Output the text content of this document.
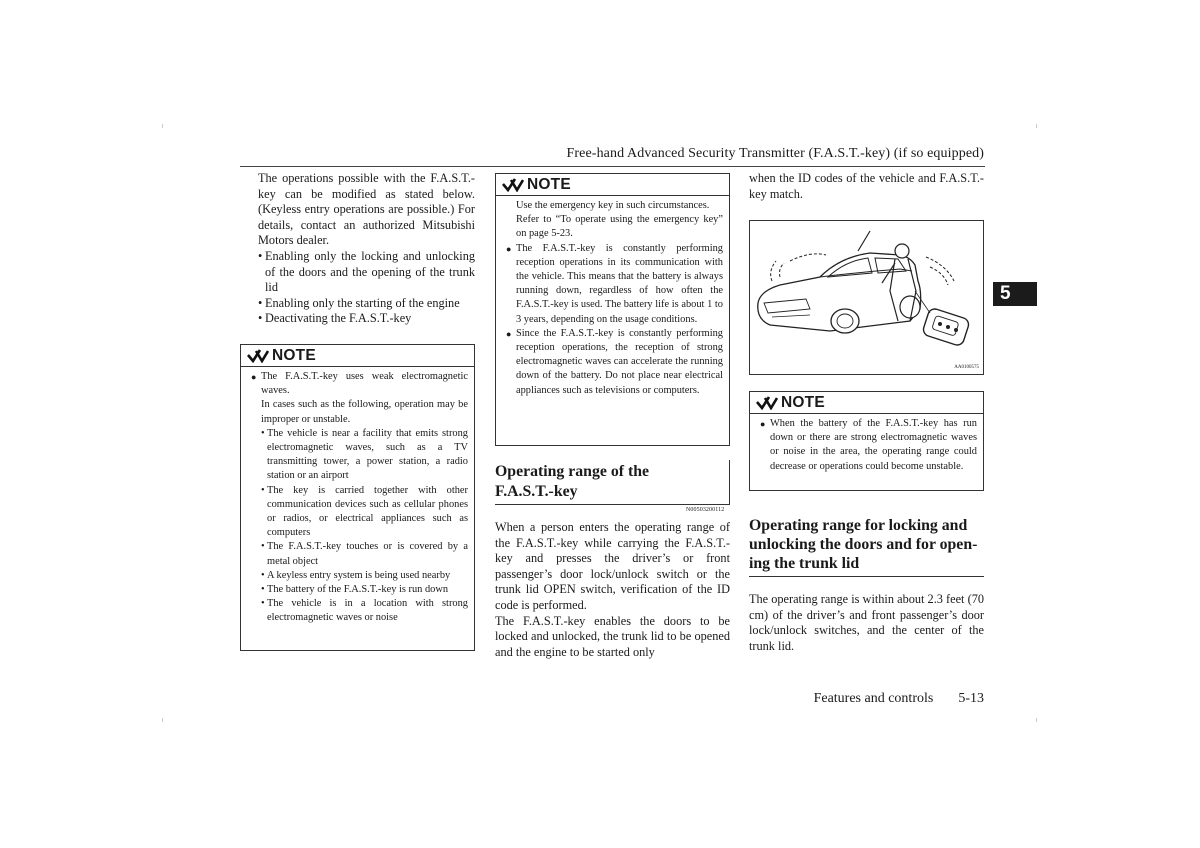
Free-hand Advanced Security Transmitter (F.A.S.T.-key) (if so equipped)
5

The operations possible with the F.A.S.T.-key can be modified as stated below. (Keyless entry operations are possible.) For details, contact an authorized Mitsubishi Motors dealer.

• Enabling only the locking and unlocking of the doors and the opening of the trunk lid
• Enabling only the starting of the engine
• Deactivating the F.A.S.T.-key
NOTE
● The F.A.S.T.-key uses weak electromagnetic waves.
In cases such as the following, operation may be improper or unstable.
• The vehicle is near a facility that emits strong electromagnetic waves, such as a TV transmitting tower, a power station, a radio station or an airport
• The key is carried together with other communication devices such as cellular phones or radios, or electrical appliances such as computers
• The F.A.S.T.-key touches or is covered by a metal object
• A keyless entry system is being used nearby
• The battery of the F.A.S.T.-key is run down
• The vehicle is in a location with strong electromagnetic waves or noise
NOTE
Use the emergency key in such circumstances.
Refer to “To operate using the emergency key” on page 5-23.
● The F.A.S.T.-key is constantly performing reception operations in its communication with the vehicle. This means that the battery is always running down, regardless of how often the F.A.S.T.-key is used. The battery life is about 1 to 3 years, depending on the usage conditions.
● Since the F.A.S.T.-key is constantly performing reception operations, the reception of strong electromagnetic waves can accelerate the running down of the battery. Do not place near electrical appliances such as televisions or computers.
Operating range of the
F.A.S.T.-key
N00503200112

When a person enters the operating range of the F.A.S.T.-key while carrying the F.A.S.T.-key and presses the driver’s or front passenger’s door lock/unlock switch or the trunk lid OPEN switch, verification of the ID code is performed.

The F.A.S.T.-key enables the doors to be locked and unlocked, the trunk lid to be opened and the engine to be started only

when the ID codes of the vehicle and F.A.S.T.-key match.

AA0100575
NOTE
● When the battery of the F.A.S.T.-key has run down or there are strong electromagnetic waves or noise in the area, the operating range could decrease or operations could become unstable.
Operating range for locking and
unlocking the doors and for open-
ing the trunk lid

The operating range is within about 2.3 feet (70 cm) of the driver’s and front passenger’s door lock/unlock switches, and the center of the trunk lid.

Features and controls 5-13
